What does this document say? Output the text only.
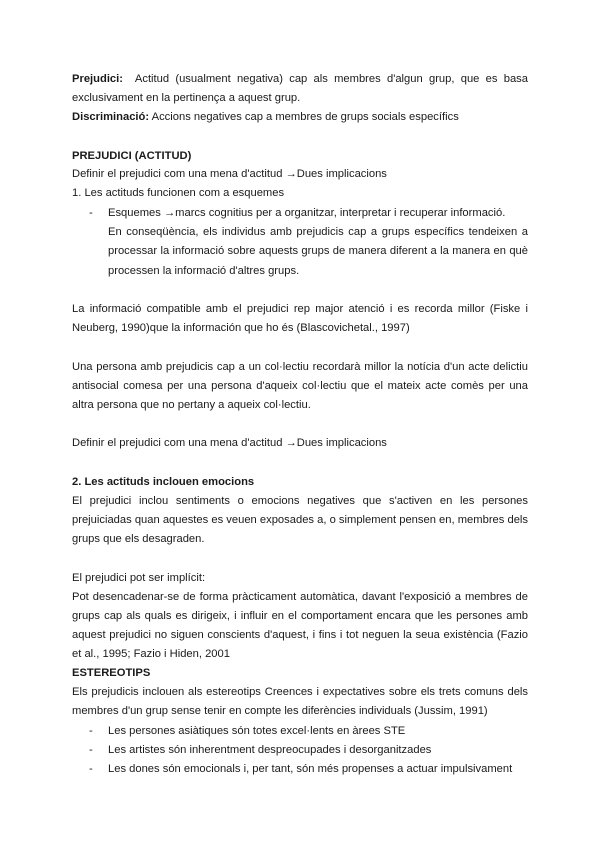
Prejudici: Actitud (usualment negativa) cap als membres d'algun grup, que es basa
exclusivament en la pertinença a aquest grup.
Discriminació: Accions negatives cap a membres de grups socials específics
PREJUDICI (ACTITUD)
Definir el prejudici com una mena d'actitud →Dues implicacions
1. Les actituds funcionen com a esquemes
- Esquemes →marcs cognitius per a organitzar, interpretar i recuperar informació.
En conseqüència, els individus amb prejudicis cap a grups específics tendeixen a
processar la informació sobre aquests grups de manera diferent a la manera en què
processen la informació d'altres grups.
La informació compatible amb el prejudici rep major atenció i es recorda millor (Fiske i
Neuberg, 1990)que la información que ho és (Blascovichetal., 1997)
Una persona amb prejudicis cap a un col·lectiu recordarà millor la notícia d'un acte delictiu
antisocial comesa per una persona d'aqueix col·lectiu que el mateix acte comès per una
altra persona que no pertany a aqueix col·lectiu.
Definir el prejudici com una mena d'actitud →Dues implicacions
2. Les actituds inclouen emocions
El prejudici inclou sentiments o emocions negatives que s'activen en les persones
prejuiciadas quan aquestes es veuen exposades a, o simplement pensen en, membres dels
grups que els desagraden.
El prejudici pot ser implícit:
Pot desencadenar-se de forma pràcticament automàtica, davant l'exposició a membres de
grups cap als quals es dirigeix, i influir en el comportament encara que les persones amb
aquest prejudici no siguen conscients d'aquest, i fins i tot neguen la seua existència (Fazio
et al., 1995; Fazio i Hiden, 2001
ESTEREOTIPS
Els prejudicis inclouen als estereotips Creences i expectatives sobre els trets comuns dels
membres d'un grup sense tenir en compte les diferències individuals (Jussim, 1991)
- Les persones asiàtiques són totes excel·lents en àrees STE
- Les artistes són inherentment despreocupades i desorganitzades
- Les dones són emocionals i, per tant, són més propenses a actuar impulsivament
